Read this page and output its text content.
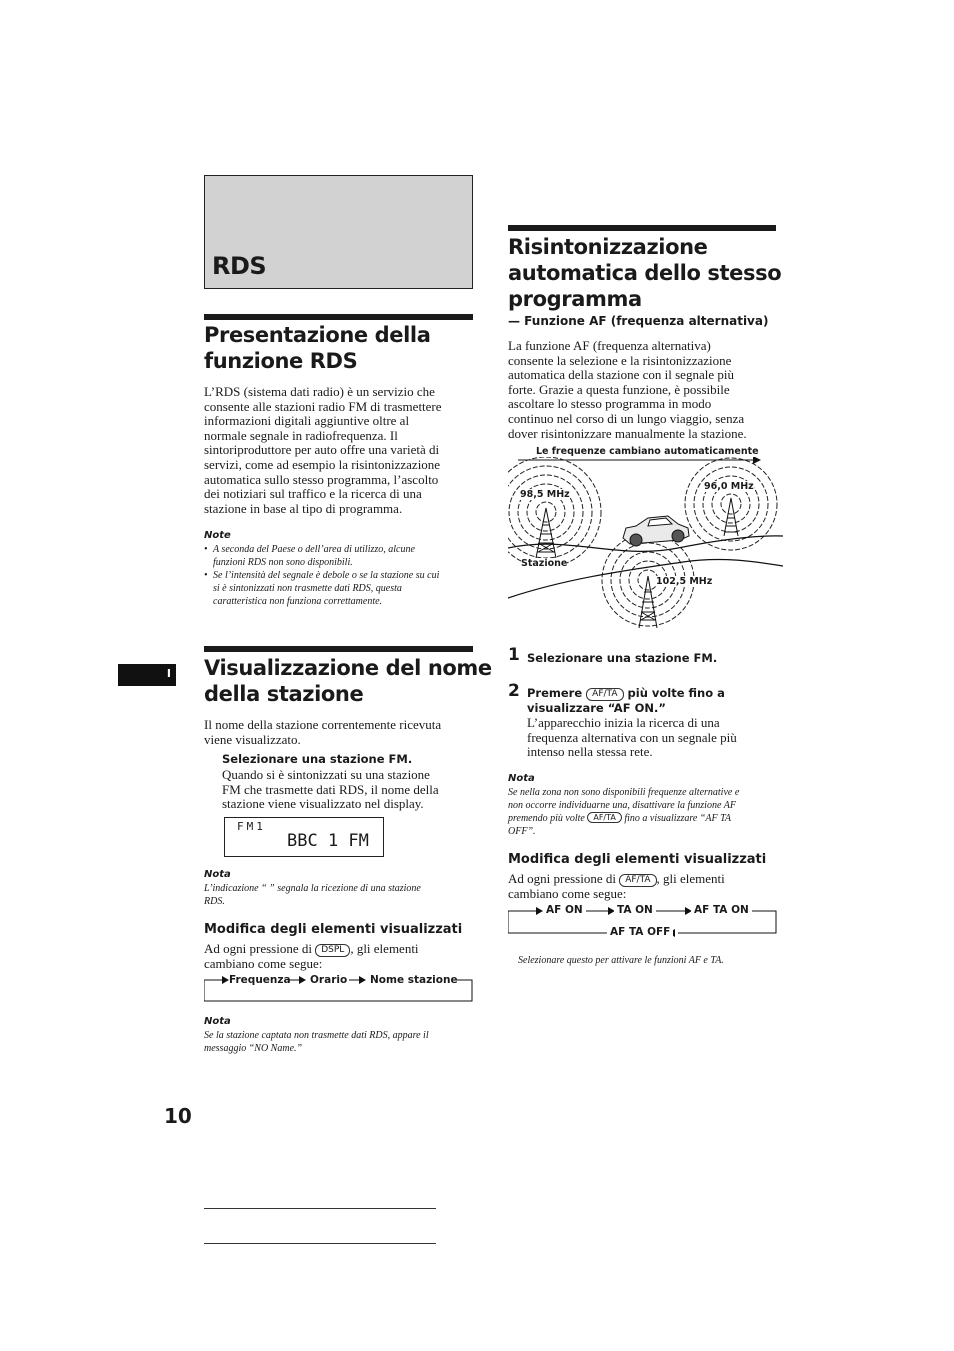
RDS
I
Presentazione della
funzione RDS
L’RDS (sistema dati radio) è un servizio che
consente alle stazioni radio FM di trasmettere
informazioni digitali aggiuntive oltre al
normale segnale in radiofrequenza. Il
sintoriproduttore per auto offre una varietà di
servizi, come ad esempio la risintonizzazione
automatica sullo stesso programma, l’ascolto
dei notiziari sul traffico e la ricerca di una
stazione in base al tipo di programma.
Note
• A seconda del Paese o dell’area di utilizzo, alcune
funzioni RDS non sono disponibili.
• Se l’intensità del segnale è debole o se la stazione su cui
si è sintonizzati non trasmette dati RDS, questa
caratteristica non funziona correttamente.
Visualizzazione del nome
della stazione
Il nome della stazione correntemente ricevuta
viene visualizzato.
Selezionare una stazione FM.
Quando si è sintonizzati su una stazione
FM che trasmette dati RDS, il nome della
stazione viene visualizzato nel display.
FM1
BBC 1 FM
Nota
L’indicazione “ ” segnala la ricezione di una stazione
RDS.
Modifica degli elementi visualizzati
Ad ogni pressione di DSPL , gli elementi
cambiano come segue:
Frequenza Orario Nome stazione
Nota
Se la stazione captata non trasmette dati RDS, appare il
messaggio “NO Name.”
Risintonizzazione
automatica dello stesso
programma
— Funzione AF (frequenza alternativa)
La funzione AF (frequenza alternativa)
consente la selezione e la risintonizzazione
automatica della stazione con il segnale più
forte. Grazie a questa funzione, è possibile
ascoltare lo stesso programma in modo
continuo nel corso di un lungo viaggio, senza
dover risintonizzare manualmente la stazione.
Le frequenze cambiano automaticamente
98,5 MHz
96,0 MHz
102,5 MHz
Stazione
1 Selezionare una stazione FM.
2 Premere AF/TA più volte fino a
visualizzare “AF ON.”
L’apparecchio inizia la ricerca di una
frequenza alternativa con un segnale più
intenso nella stessa rete.
Nota
Se nella zona non sono disponibili frequenze alternative e
non occorre individuarne una, disattivare la funzione AF
premendo più volte AF/TA fino a visualizzare “AF TA
OFF”.
Modifica degli elementi visualizzati
Ad ogni pressione di AF/TA , gli elementi
cambiano come segue:
AF ON	TA ON	AF TA ON
AF TA OFF
Selezionare questo per attivare le funzioni AF e TA.
10
